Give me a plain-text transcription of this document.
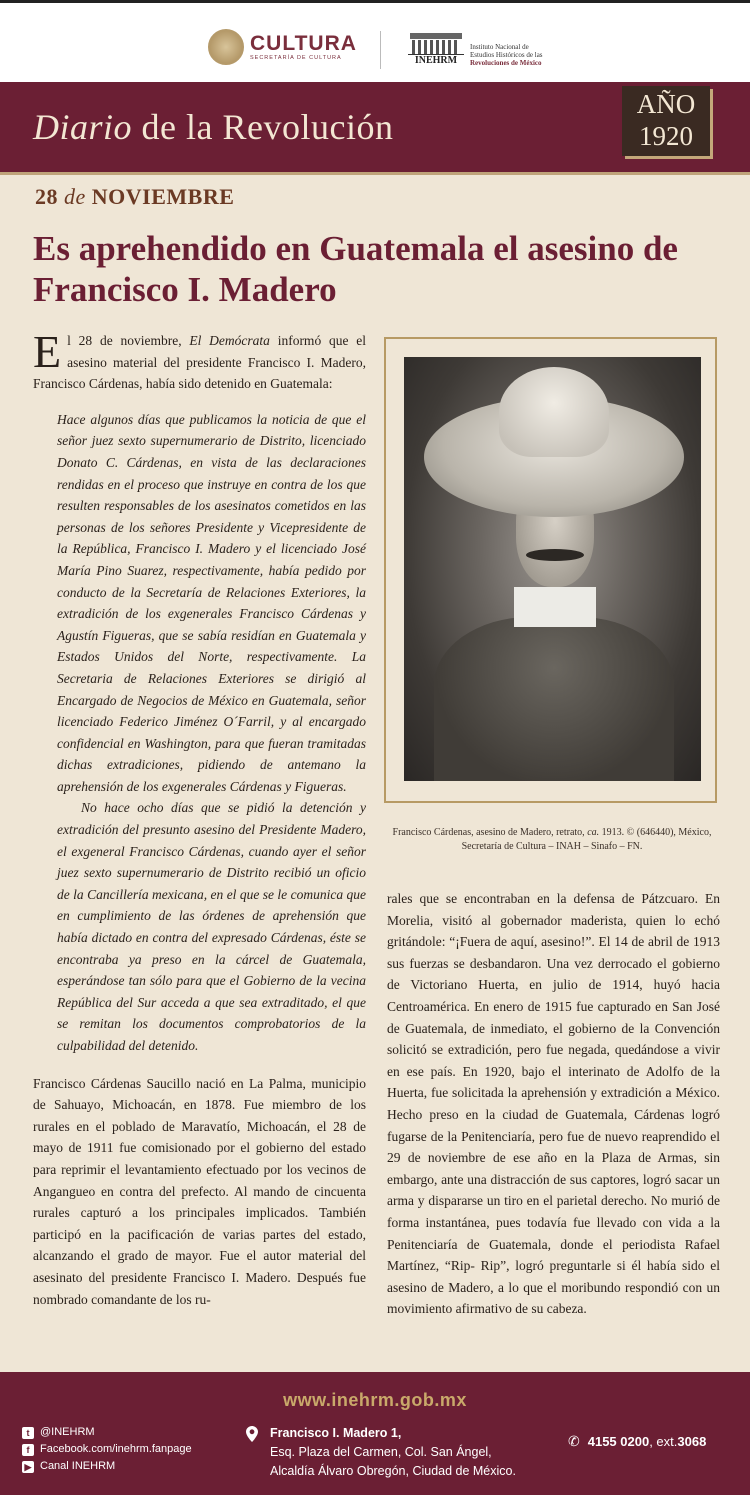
CULTURA
SECRETARÍA DE CULTURA	INEHRM
Instituto Nacional de
Estudios Históricos de las
Revoluciones de México
Diario de la Revolución
AÑO
1920
28 de NOVIEMBRE
Es aprehendido en Guatemala el asesino de Francisco I. Madero
El 28 de noviembre, El Demócrata informó que el asesino material del presidente Francisco I. Madero, Francisco Cárdenas, había sido detenido en Guatemala:

Hace algunos días que publicamos la noticia de que el señor juez sexto supernumerario de Distrito, licenciado Donato C. Cárdenas, en vista de las declaraciones rendidas en el proceso que instruye en contra de los que resulten responsables de los asesinatos cometidos en las personas de los señores Presidente y Vicepresidente de la República, Francisco I. Madero y el licenciado José María Pino Suarez, respectivamente, había pedido por conducto de la Secretaría de Relaciones Exteriores, la extradición de los exgenerales Francisco Cárdenas y Agustín Figueras, que se sabía residían en Guatemala y Estados Unidos del Norte, respectivamente. La Secretaria de Relaciones Exteriores se dirigió al Encargado de Negocios de México en Guatemala, señor licenciado Federico Jiménez O´Farril, y al encargado confidencial en Washington, para que fueran tramitadas dichas extradiciones, pidiendo de antemano la aprehensión de los exgenerales Cárdenas y Figueras.

No hace ocho días que se pidió la detención y extradición del presunto asesino del Presidente Madero, el exgeneral Francisco Cárdenas, cuando ayer el señor juez sexto supernumerario de Distrito recibió un oficio de la Cancillería mexicana, en el que se le comunica que en cumplimiento de las órdenes de aprehensión que había dictado en contra del expresado Cárdenas, éste se encontraba ya preso en la cárcel de Guatemala, esperándose tan sólo para que el Gobierno de la vecina República del Sur acceda a que sea extraditado, el que se remitan los documentos comprobatorios de la culpabilidad del detenido.

Francisco Cárdenas Saucillo nació en La Palma, municipio de Sahuayo, Michoacán, en 1878. Fue miembro de los rurales en el poblado de Maravatío, Michoacán, el 28 de mayo de 1911 fue comisionado por el gobierno del estado para reprimir el levantamiento efectuado por los vecinos de Angangueo en contra del prefecto. Al mando de cincuenta rurales capturó a los principales implicados. También participó en la pacificación de varias partes del estado, alcanzando el grado de mayor. Fue el autor material del asesinato del presidente Francisco I. Madero. Después fue nombrado comandante de los ru-

Francisco Cárdenas, asesino de Madero, retrato, ca. 1913. © (646440), México, Secretaría de Cultura – INAH – Sinafo – FN.

rales que se encontraban en la defensa de Pátzcuaro. En Morelia, visitó al gobernador maderista, quien lo echó gritándole: “¡Fuera de aquí, asesino!”. El 14 de abril de 1913 sus fuerzas se desbandaron. Una vez derrocado el gobierno de Victoriano Huerta, en julio de 1914, huyó hacia Centroamérica. En enero de 1915 fue capturado en San José de Guatemala, de inmediato, el gobierno de la Convención solicitó se extradición, pero fue negada, quedándose a vivir en ese país. En 1920, bajo el interinato de Adolfo de la Huerta, fue solicitada la aprehensión y extradición a México. Hecho preso en la ciudad de Guatemala, Cárdenas logró fugarse de la Penitenciaría, pero fue de nuevo reaprendido el 29 de noviembre de ese año en la Plaza de Armas, sin embargo, ante una distracción de sus captores, logró sacar un arma y dispararse un tiro en el parietal derecho. No murió de forma instantánea, pues todavía fue llevado con vida a la Penitenciaría de Guatemala, donde el periodista Rafael Martínez, “Rip- Rip”, logró preguntarle si él había sido el asesino de Madero, a lo que el moribundo respondió con un movimiento afirmativo de su cabeza.

www.inehrm.gob.mx
t @INEHRM
f Facebook.com/inehrm.fanpage
▶ Canal INEHRM
Francisco I. Madero 1,
Esq. Plaza del Carmen, Col. San Ángel,
Alcaldía Álvaro Obregón, Ciudad de México.
✆ 4155 0200 , ext. 3068
